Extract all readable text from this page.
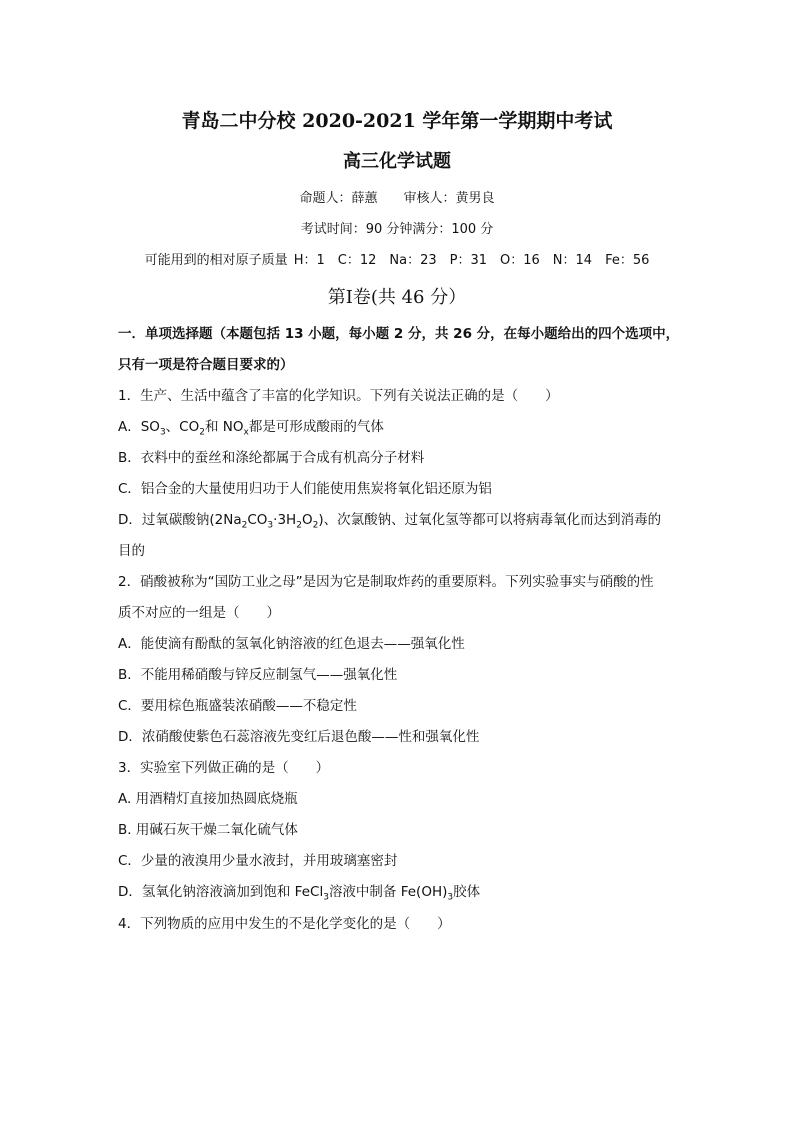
青岛二中分校 2020-2021 学年第一学期期中考试
高三化学试题
命题人：薛蕙　　审核人：黄男良
考试时间：90 分钟满分：100 分
可能用到的相对原子质量 H：1　C：12　Na：23　P：31　O：16　N：14　Fe：56
第Ⅰ卷(共 46 分）
一．单项选择题（本题包括 13 小题，每小题 2 分，共 26 分，在每小题给出的四个选项中，
只有一项是符合题目要求的）
1．生产、生活中蕴含了丰富的化学知识。下列有关说法正确的是（　　）
A．$SO_3$、$CO_2$和 $NO_x$都是可形成酸雨的气体
B．衣料中的蚕丝和涤纶都属于合成有机高分子材料
C．铝合金的大量使用归功于人们能使用焦炭将氧化铝还原为铝
D．过氧碳酸钠$(2Na_2CO_3\cdot 3H_2O_2)$、次氯酸钠、过氧化氢等都可以将病毒氧化而达到消毒的
目的
2．硝酸被称为“国防工业之母”是因为它是制取炸药的重要原料。下列实验事实与硝酸的性
质不对应的一组是（　　）
A．能使滴有酚酞的氢氧化钠溶液的红色退去——强氧化性
B．不能用稀硝酸与锌反应制氢气——强氧化性
C．要用棕色瓶盛装浓硝酸——不稳定性
D．浓硝酸使紫色石蕊溶液先变红后退色酸——性和强氧化性
3．实验室下列做正确的是（　　）
A. 用酒精灯直接加热圆底烧瓶
B. 用碱石灰干燥二氧化硫气体
C．少量的液溴用少量水液封，并用玻璃塞密封
D．氢氧化钠溶液滴加到饱和 FeCl$_3$溶液中制备 $Fe(OH)_3$胶体
4．下列物质的应用中发生的不是化学变化的是（　　）
